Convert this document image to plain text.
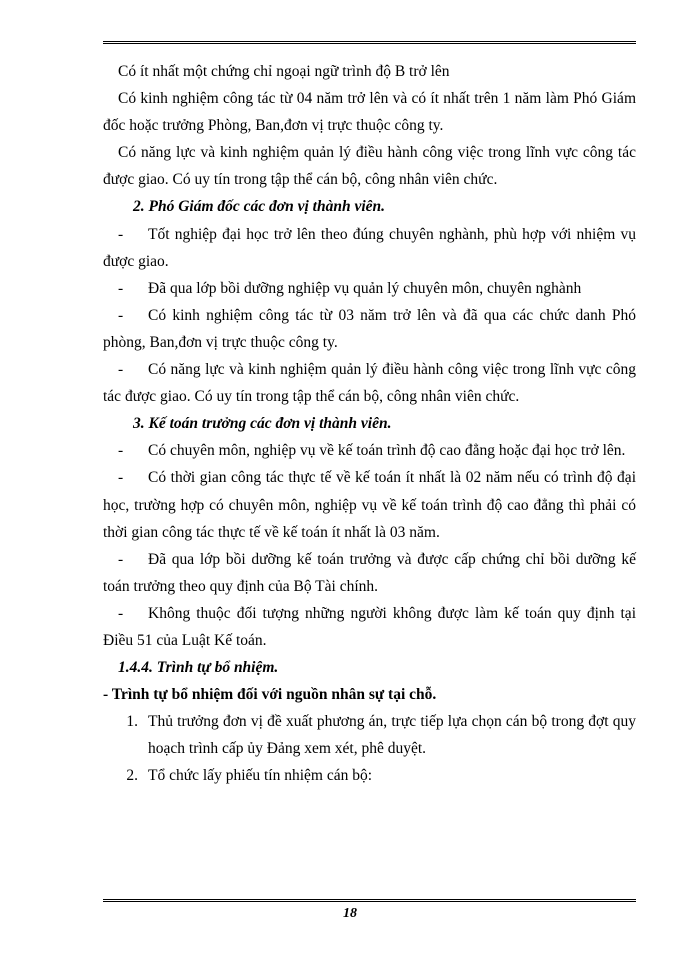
Có ít nhất một chứng chỉ ngoại ngữ trình độ B trở lên

Có kinh nghiệm công tác từ 04 năm trở lên và có ít nhất trên 1 năm làm Phó Giám đốc hoặc trưởng Phòng, Ban,đơn vị trực thuộc công ty.

Có năng lực và kinh nghiệm quản lý điều hành công việc trong lĩnh vực công tác được giao. Có uy tín trong tập thể cán bộ, công nhân viên chức.

2. Phó Giám đốc các đơn vị thành viên.

- Tốt nghiệp đại học trở lên theo đúng chuyên nghành, phù hợp với nhiệm vụ được giao.

- Đã qua lớp bồi dưỡng nghiệp vụ quản lý chuyên môn, chuyên nghành

- Có kinh nghiệm công tác từ 03 năm trở lên và đã qua các chức danh Phó phòng, Ban,đơn vị trực thuộc công ty.

- Có năng lực và kinh nghiệm quản lý điều hành công việc trong lĩnh vực công tác được giao. Có uy tín trong tập thể cán bộ, công nhân viên chức.

3. Kế toán trưởng các đơn vị thành viên.

- Có chuyên môn, nghiệp vụ về kế toán trình độ cao đẳng hoặc đại học trở lên.

- Có thời gian công tác thực tế về kế toán ít nhất là 02 năm nếu có trình độ đại học, trường hợp có chuyên môn, nghiệp vụ về kế toán trình độ cao đẳng thì phải có thời gian công tác thực tế về kế toán ít nhất là 03 năm.

- Đã qua lớp bồi dưỡng kế toán trưởng và được cấp chứng chỉ bồi dưỡng kế toán trưởng theo quy định của Bộ Tài chính.

- Không thuộc đối tượng những người không được làm kế toán quy định tại Điều 51 của Luật Kế toán.

1.4.4. Trình tự bổ nhiệm.

- Trình tự bổ nhiệm đối với nguồn nhân sự tại chỗ.

1. Thủ trưởng đơn vị đề xuất phương án, trực tiếp lựa chọn cán bộ trong đợt quy hoạch trình cấp ủy Đảng xem xét, phê duyệt.
2. Tổ chức lấy phiếu tín nhiệm cán bộ:
18
